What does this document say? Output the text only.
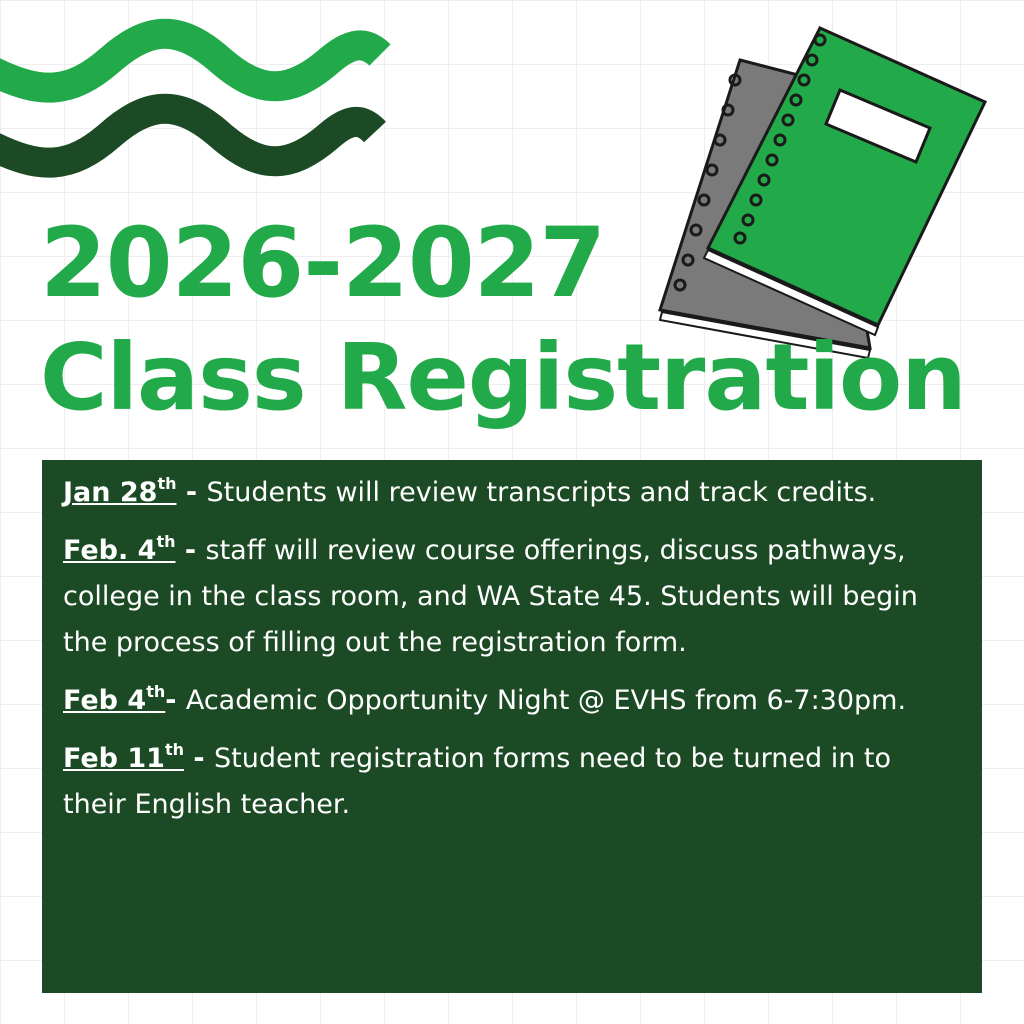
2026-2027
Class Registration

Jan 28th - Students will review transcripts and track credits.

Feb. 4th - staff will review course offerings, discuss pathways, college in the class room, and WA State 45. Students will begin the process of filling out the registration form.

Feb 4th- Academic Opportunity Night @ EVHS from 6-7:30pm.

Feb 11th - Student registration forms need to be turned in to their English teacher.
